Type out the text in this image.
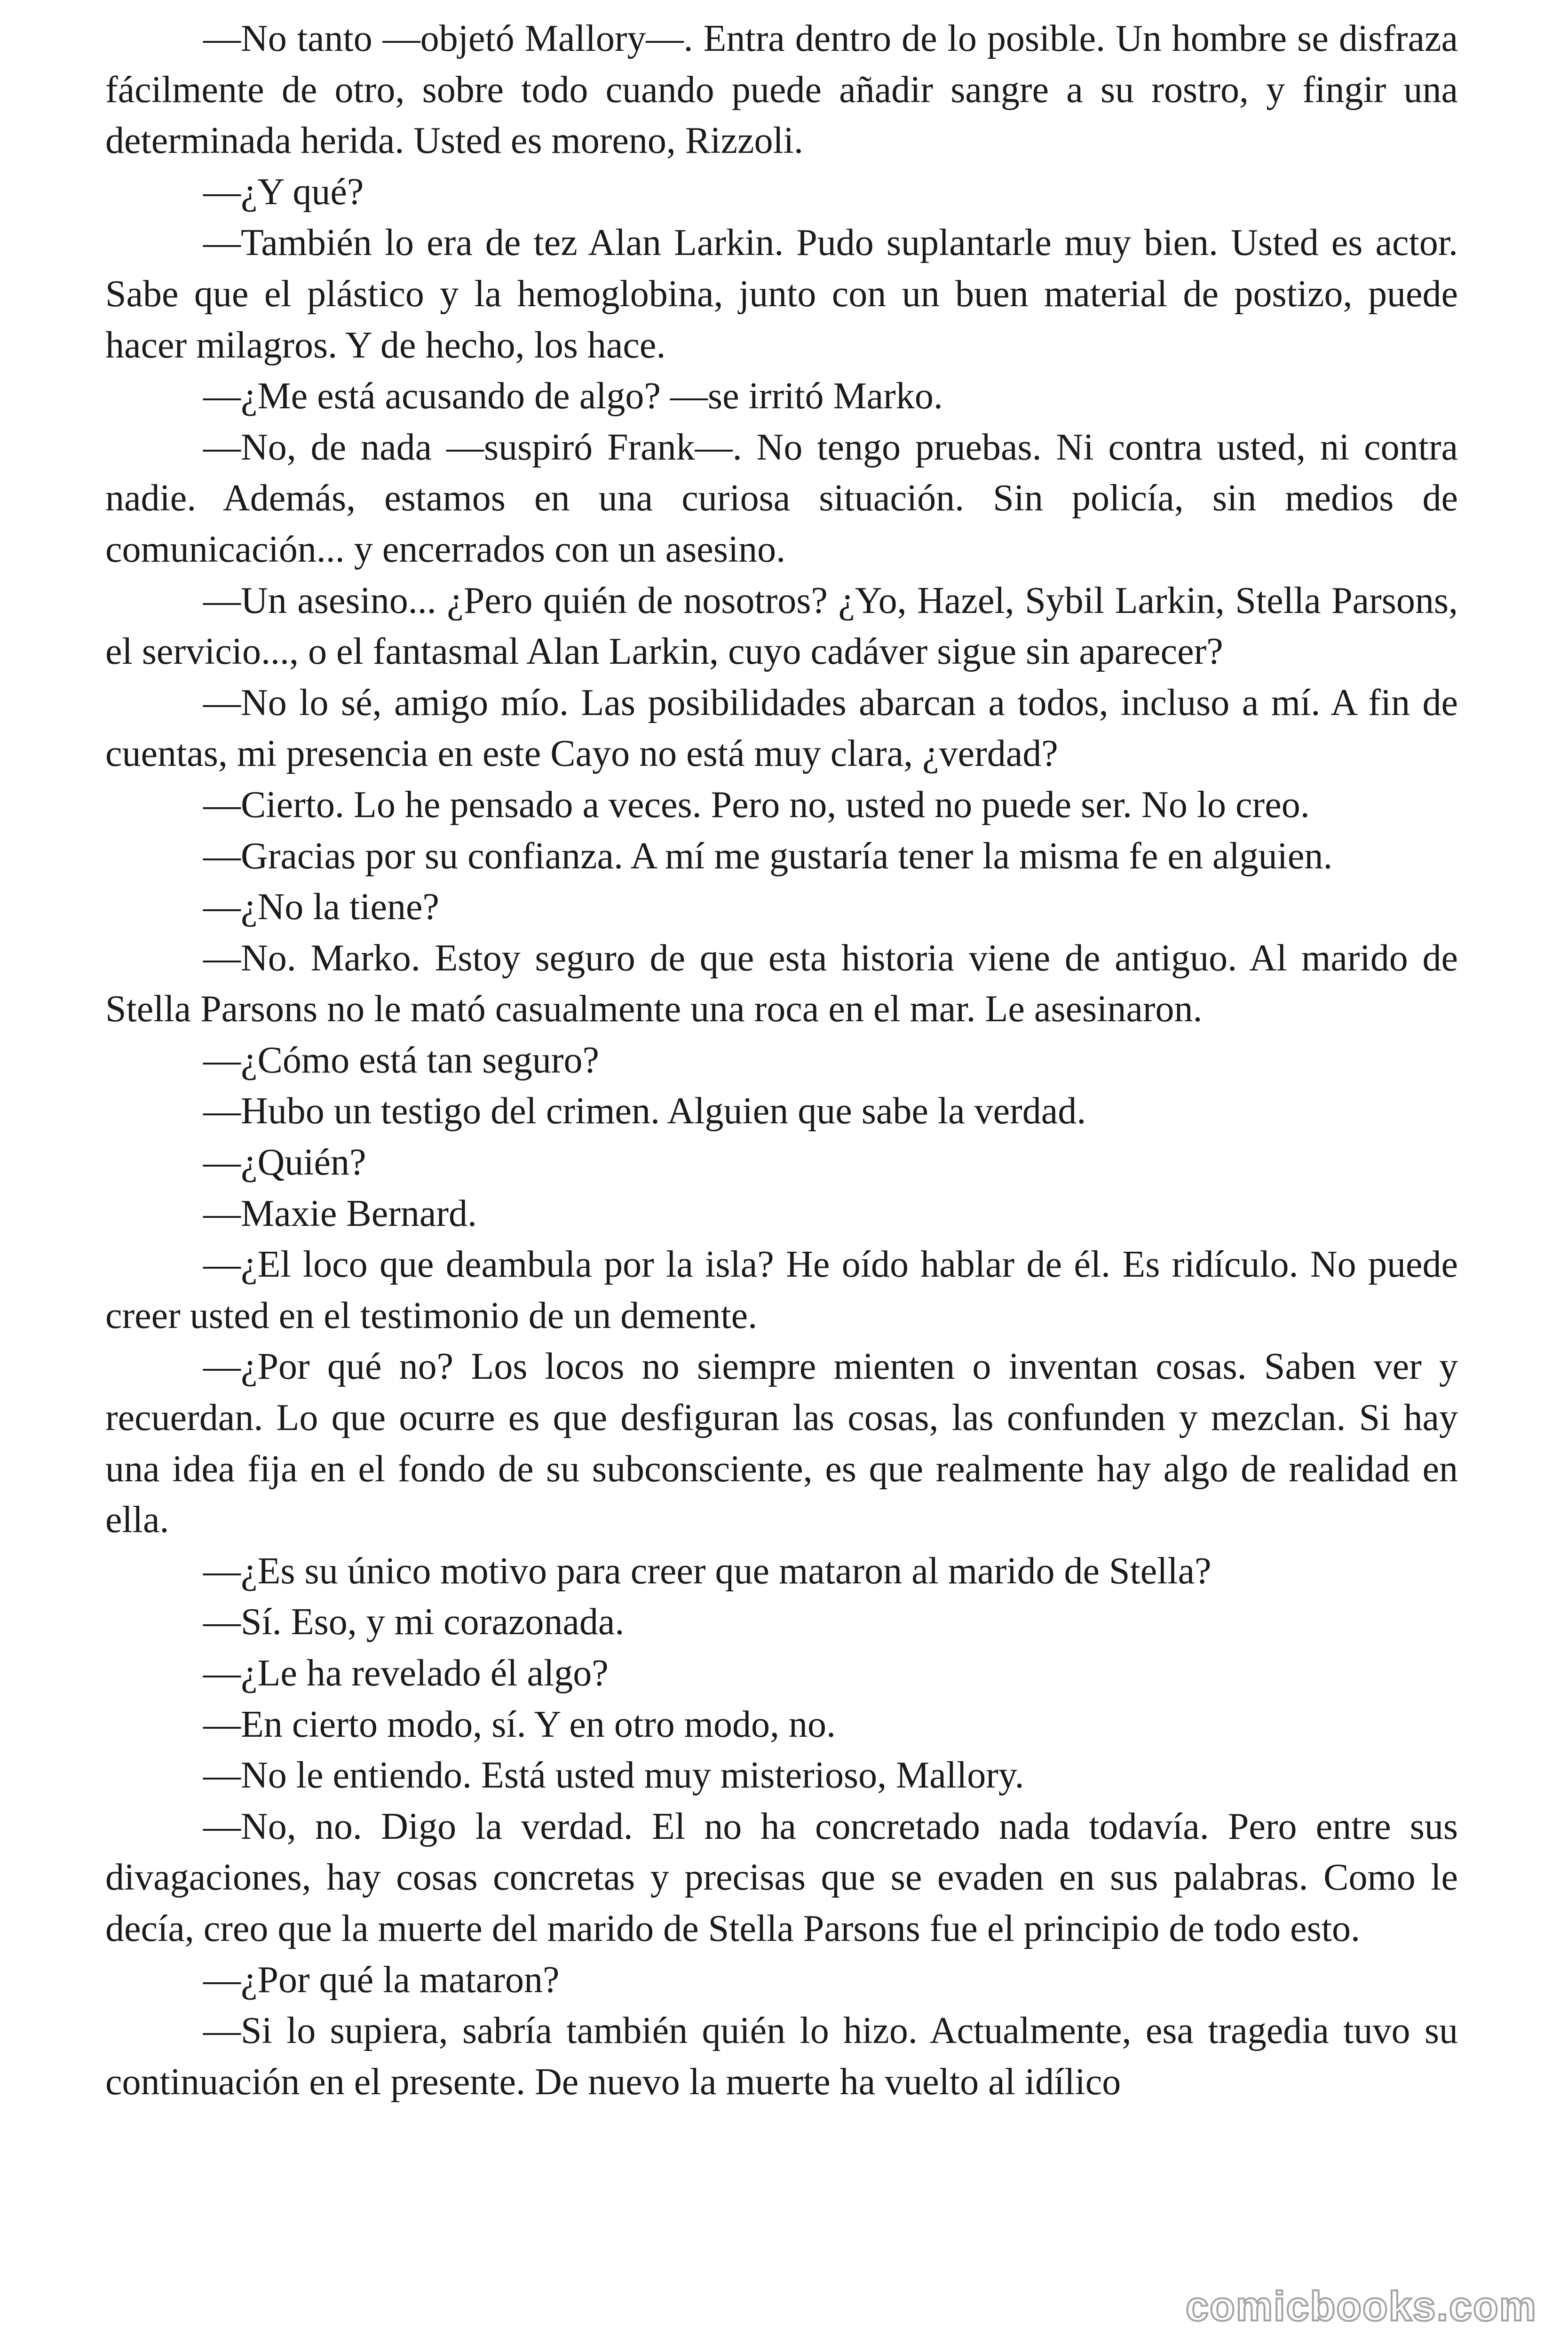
—No tanto —objetó Mallory—. Entra dentro de lo posible. Un hombre se disfraza fácilmente de otro, sobre todo cuando puede añadir sangre a su rostro, y fingir una determinada herida. Usted es moreno, Rizzoli.

—¿Y qué?

—También lo era de tez Alan Larkin. Pudo suplantarle muy bien. Usted es actor. Sabe que el plástico y la hemoglobina, junto con un buen material de postizo, puede hacer milagros. Y de hecho, los hace.

—¿Me está acusando de algo? —se irritó Marko.

—No, de nada —suspiró Frank—. No tengo pruebas. Ni contra usted, ni contra nadie. Además, estamos en una curiosa situación. Sin policía, sin medios de comunicación... y encerrados con un asesino.

—Un asesino... ¿Pero quién de nosotros? ¿Yo, Hazel, Sybil Larkin, Stella Parsons, el servicio..., o el fantasmal Alan Larkin, cuyo cadáver sigue sin aparecer?

—No lo sé, amigo mío. Las posibilidades abarcan a todos, incluso a mí. A fin de cuentas, mi presencia en este Cayo no está muy clara, ¿verdad?

—Cierto. Lo he pensado a veces. Pero no, usted no puede ser. No lo creo.

—Gracias por su confianza. A mí me gustaría tener la misma fe en alguien.

—¿No la tiene?

—No. Marko. Estoy seguro de que esta historia viene de antiguo. Al marido de Stella Parsons no le mató casualmente una roca en el mar. Le asesinaron.

—¿Cómo está tan seguro?

—Hubo un testigo del crimen. Alguien que sabe la verdad.

—¿Quién?

—Maxie Bernard.

—¿El loco que deambula por la isla? He oído hablar de él. Es ridículo. No puede creer usted en el testimonio de un demente.

—¿Por qué no? Los locos no siempre mienten o inventan cosas. Saben ver y recuerdan. Lo que ocurre es que desfiguran las cosas, las confunden y mezclan. Si hay una idea fija en el fondo de su subconsciente, es que realmente hay algo de realidad en ella.

—¿Es su único motivo para creer que mataron al marido de Stella?

—Sí. Eso, y mi corazonada.

—¿Le ha revelado él algo?

—En cierto modo, sí. Y en otro modo, no.

—No le entiendo. Está usted muy misterioso, Mallory.

—No, no. Digo la verdad. El no ha concretado nada todavía. Pero entre sus divagaciones, hay cosas concretas y precisas que se evaden en sus palabras. Como le decía, creo que la muerte del marido de Stella Parsons fue el principio de todo esto.

—¿Por qué la mataron?

—Si lo supiera, sabría también quién lo hizo. Actualmente, esa tragedia tuvo su continuación en el presente. De nuevo la muerte ha vuelto al idílico

comicbooks.com
